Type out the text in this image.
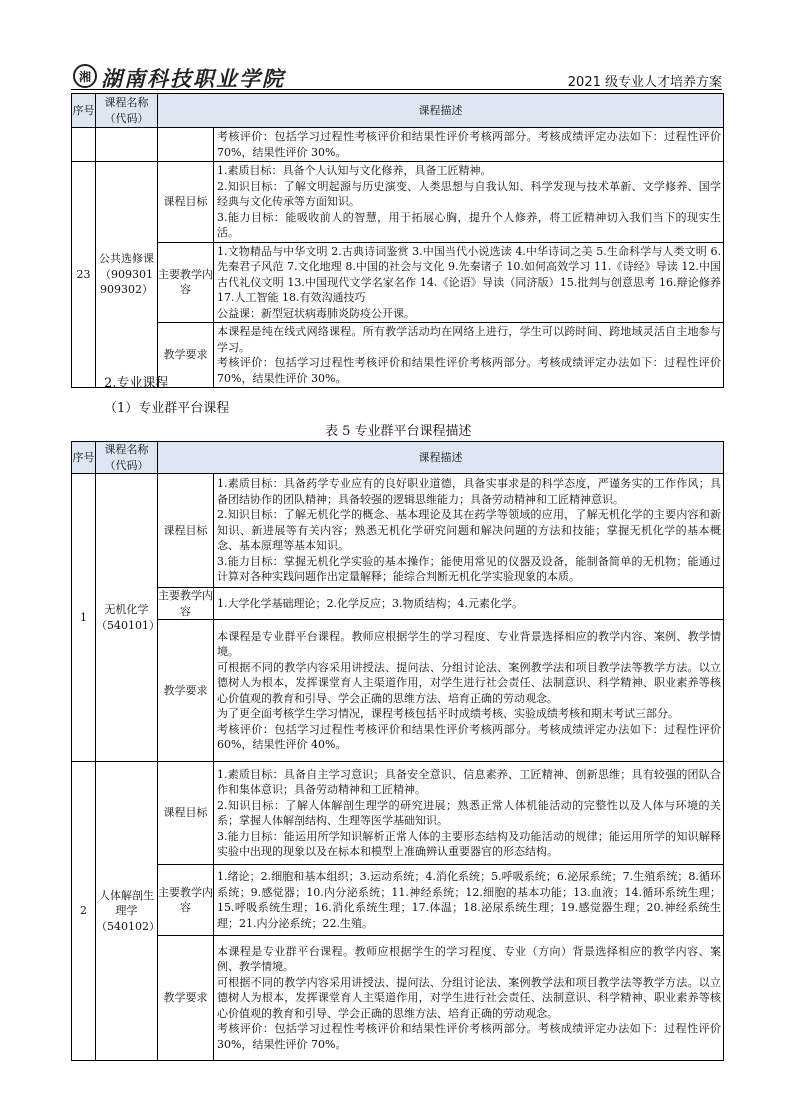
湘 湖南科技职业学院	2021 级专业人才培养方案
序号	课程名称（代码）	课程描述	
			考核评价：包括学习过程性考核评价和结果性评价考核两部分。考核成绩评定办法如下：过程性评价 70%，结果性评价 30%。
23	公共选修课（909301 909302）	课程目标	1.素质目标：具备个人认知与文化修养，具备工匠精神。
2.知识目标：了解文明起源与历史演变、人类思想与自我认知、科学发现与技术革新、文学修养、国学经典与文化传承等方面知识。
3.能力目标：能吸收前人的智慧，用于拓展心胸，提升个人修养，将工匠精神切入我们当下的现实生活。

		主要教学内容	1.文物精品与中华文明 2.古典诗词鉴赏 3.中国当代小说选读 4.中华诗词之美 5.生命科学与人类文明 6.先秦君子风范 7.文化地理 8.中国的社会与文化 9.先秦诸子 10.如何高效学习 11.《诗经》导读 12.中国古代礼仪文明 13.中国现代文学名家名作 14.《论语》导读（同济版）15.批判与创意思考 16.辩论修养 17.人工智能 18.有效沟通技巧
公益课：新型冠状病毒肺炎防疫公开课。

		教学要求	本课程是纯在线式网络课程。所有教学活动均在网络上进行，学生可以跨时间、跨地域灵活自主地参与学习。
考核评价：包括学习过程性考核评价和结果性评价考核两部分。考核成绩评定办法如下：过程性评价 70%，结果性评价 30%。
2.专业课程
（1）专业群平台课程
表 5 专业群平台课程描述
序号	课程名称（代码）	课程描述	
1	无机化学（540101）	课程目标	1.素质目标：具备药学专业应有的良好职业道德，具备实事求是的科学态度，严谨务实的工作作风；具备团结协作的团队精神；具备较强的逻辑思维能力；具备劳动精神和工匠精神意识。
2.知识目标：了解无机化学的概念、基本理论及其在药学等领域的应用，了解无机化学的主要内容和新知识、新进展等有关内容；熟悉无机化学研究问题和解决问题的方法和技能；掌握无机化学的基本概念、基本原理等基本知识。
3.能力目标：掌握无机化学实验的基本操作；能使用常见的仪器及设备，能制备简单的无机物；能通过计算对各种实践问题作出定量解释；能综合判断无机化学实验现象的本质。

		主要教学内容	1.大学化学基础理论；2.化学反应；3.物质结构；4.元素化学。

		教学要求	本课程是专业群平台课程。教师应根据学生的学习程度、专业背景选择相应的教学内容、案例、教学情境。
可根据不同的教学内容采用讲授法、提问法、分组讨论法、案例教学法和项目教学法等教学方法。以立德树人为根本，发挥课堂育人主渠道作用，对学生进行社会责任、法制意识、科学精神、职业素养等核心价值观的教育和引导、学会正确的思维方法、培育正确的劳动观念。
为了更全面考核学生学习情况，课程考核包括平时成绩考核、实验成绩考核和期末考试三部分。
考核评价：包括学习过程性考核评价和结果性评价考核两部分。考核成绩评定办法如下：过程性评价 60%，结果性评价 40%。

2	人体解剖生理学（540102）	课程目标	1.素质目标：具备自主学习意识；具备安全意识、信息素养、工匠精神、创新思维；具有较强的团队合作和集体意识；具备劳动精神和工匠精神。
2.知识目标：了解人体解剖生理学的研究进展；熟悉正常人体机能活动的完整性以及人体与环境的关系；掌握人体解剖结构、生理等医学基础知识。
3.能力目标：能运用所学知识解析正常人体的主要形态结构及功能活动的规律；能运用所学的知识解释实验中出现的现象以及在标本和模型上准确辨认重要器官的形态结构。

		主要教学内容	1.绪论；2.细胞和基本组织；3.运动系统；4.消化系统；5.呼吸系统；6.泌尿系统；7.生殖系统；8.循环系统；9.感觉器；10.内分泌系统；11.神经系统；12.细胞的基本功能；13.血液；14.循环系统生理；15.呼吸系统生理；16.消化系统生理；17.体温；18.泌尿系统生理；19.感觉器生理；20.神经系统生理；21.内分泌系统；22.生殖。

		教学要求	本课程是专业群平台课程。教师应根据学生的学习程度、专业（方向）背景选择相应的教学内容、案例、教学情境。
可根据不同的教学内容采用讲授法、提问法、分组讨论法、案例教学法和项目教学法等教学方法。以立德树人为根本，发挥课堂育人主渠道作用，对学生进行社会责任、法制意识、科学精神、职业素养等核心价值观的教育和引导、学会正确的思维方法、培育正确的劳动观念。
考核评价：包括学习过程性考核评价和结果性评价考核两部分。考核成绩评定办法如下：过程性评价 30%，结果性评价 70%。
